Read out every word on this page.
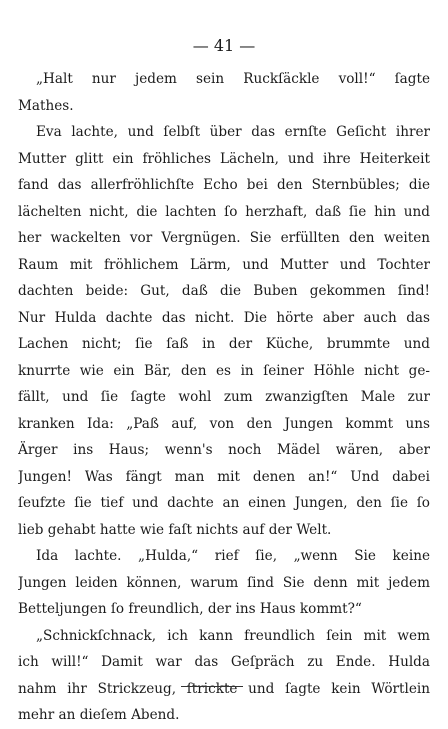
— 41 —
„Halt nur jedem sein Ruckſäckle voll!“ ſagte
Mathes.
Eva lachte, und ſelbſt über das ernſte Geſicht ihrer
Mutter glitt ein fröhliches Lächeln, und ihre Heiterkeit
fand das allerfröhlichſte Echo bei den Sternbübles; die
lächelten nicht, die lachten ſo herzhaft, daß ſie hin und
her wackelten vor Vergnügen. Sie erfüllten den weiten
Raum mit fröhlichem Lärm, und Mutter und Tochter
dachten beide: Gut, daß die Buben gekommen ſind!
Nur Hulda dachte das nicht. Die hörte aber auch das
Lachen nicht; ſie ſaß in der Küche, brummte und
knurrte wie ein Bär, den es in ſeiner Höhle nicht ge-
fällt, und ſie ſagte wohl zum zwanzigſten Male zur
kranken Ida: „Paß auf, von den Jungen kommt uns
Ärger ins Haus; wenn's noch Mädel wären, aber
Jungen! Was fängt man mit denen an!“ Und dabei
ſeufzte ſie tief und dachte an einen Jungen, den ſie ſo
lieb gehabt hatte wie faſt nichts auf der Welt.
Ida lachte. „Hulda,“ rief ſie, „wenn Sie keine
Jungen leiden können, warum ſind Sie denn mit jedem
Betteljungen ſo freundlich, der ins Haus kommt?“
„Schnickſchnack, ich kann freundlich ſein mit wem
ich will!“ Damit war das Geſpräch zu Ende. Hulda
nahm ihr Strickzeug, ſtrickte und ſagte kein Wörtlein
mehr an dieſem Abend.
